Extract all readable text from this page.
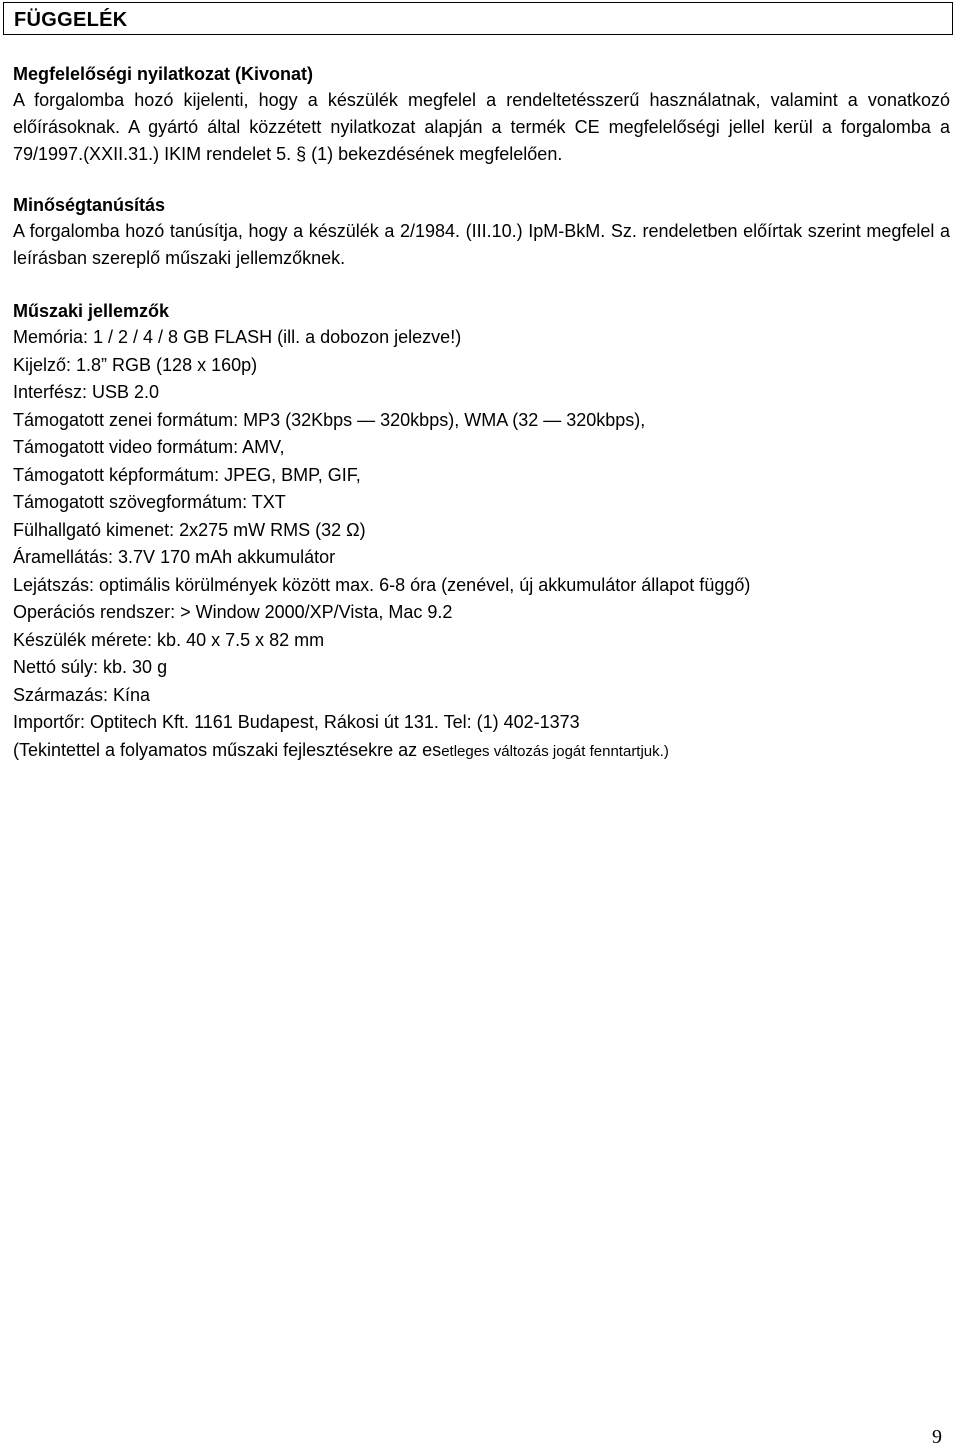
FÜGGELÉK
Megfelelőségi nyilatkozat (Kivonat)
A forgalomba hozó kijelenti, hogy a készülék megfelel a rendeltetésszerű használatnak, valamint a vonatkozó előírásoknak. A gyártó által közzétett nyilatkozat alapján a termék CE megfelelőségi jellel kerül a forgalomba a 79/1997.(XXII.31.) IKIM rendelet 5. § (1) bekezdésének megfelelően.
Minőségtanúsítás
A forgalomba hozó tanúsítja, hogy a készülék a 2/1984. (III.10.) IpM-BkM. Sz. rendeletben előírtak szerint megfelel a leírásban szereplő műszaki jellemzőknek.
Műszaki jellemzők
Memória: 1 / 2 / 4 / 8 GB FLASH (ill. a dobozon jelezve!)
Kijelző: 1.8” RGB (128 x 160p)
Interfész: USB 2.0
Támogatott zenei formátum: MP3 (32Kbps — 320kbps), WMA (32 — 320kbps),
Támogatott video formátum: AMV,
Támogatott képformátum: JPEG, BMP, GIF,
Támogatott szövegformátum: TXT
Fülhallgató kimenet: 2x275 mW RMS (32 Ω)
Áramellátás: 3.7V 170 mAh akkumulátor
Lejátszás: optimális körülmények között max. 6-8 óra (zenével, új akkumulátor állapot függő)
Operációs rendszer: > Window 2000/XP/Vista, Mac 9.2
Készülék mérete: kb. 40 x 7.5 x 82 mm
Nettó súly: kb. 30 g
Származás: Kína
Importőr: Optitech Kft. 1161 Budapest, Rákosi út 131. Tel: (1) 402-1373
(Tekintettel a folyamatos műszaki fejlesztésekre az esetleges változás jogát fenntartjuk.)
9
